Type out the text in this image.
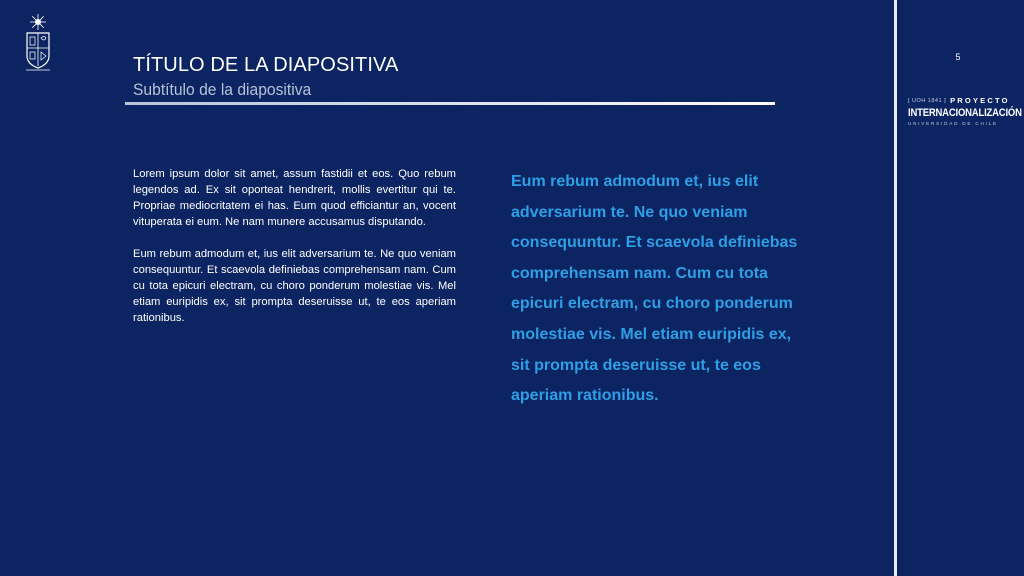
TÍTULO DE LA DIAPOSITIVA
Subtítulo de la diapositiva
5
[ UOH 1841 ] PROYECTO
INTERNACIONALIZACIÓN
UNIVERSIDAD DE CHILE

Lorem ipsum dolor sit amet, assum fastidii et eos. Quo rebum legendos ad. Ex sit oporteat hendrerit, mollis evertitur qui te. Propriae mediocritatem ei has. Eum quod efficiantur an, vocent vituperata ei eum. Ne nam munere accusamus disputando.

Eum rebum admodum et, ius elit adversarium te. Ne quo veniam consequuntur. Et scaevola definiebas comprehensam nam. Cum cu tota epicuri electram, cu choro ponderum molestiae vis. Mel etiam euripidis ex, sit prompta deseruisse ut, te eos aperiam rationibus.

Eum rebum admodum et, ius elit adversarium te. Ne quo veniam consequuntur. Et scaevola definiebas comprehensam nam. Cum cu tota epicuri electram, cu choro ponderum molestiae vis. Mel etiam euripidis ex, sit prompta deseruisse ut, te eos aperiam rationibus.
